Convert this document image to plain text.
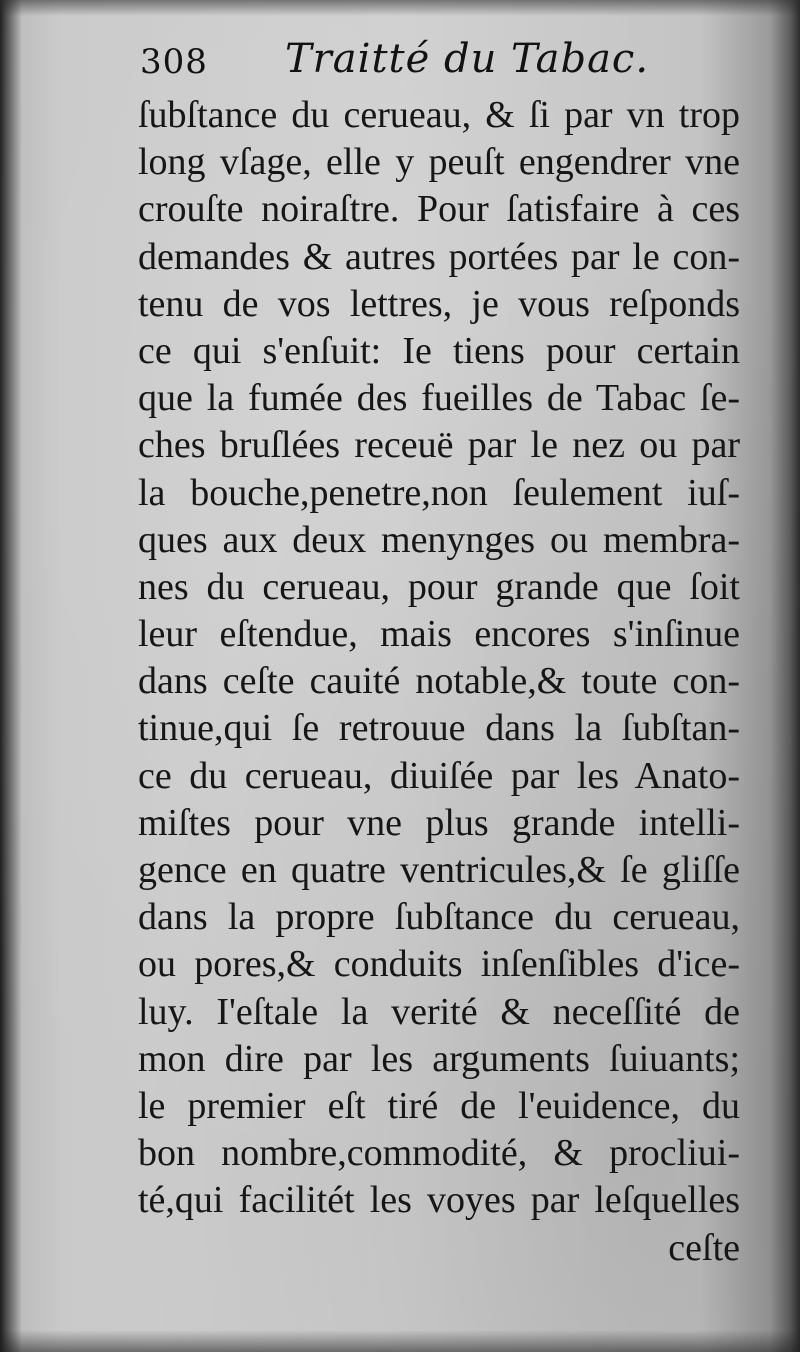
308 Traitté du Tabac.
ſubſtance du cerueau, & ſi par vn trop
long vſage, elle y peuſt engendrer vne
crouſte noiraſtre. Pour ſatisfaire à ces
demandes & autres portées par le con-
tenu de vos lettres, je vous reſponds
ce qui s'enſuit: Ie tiens pour certain
que la fumée des fueilles de Tabac ſe-
ches bruſlées receuë par le nez ou par
la bouche,penetre,non ſeulement iuſ-
ques aux deux menynges ou membra-
nes du cerueau, pour grande que ſoit
leur eſtendue, mais encores s'inſinue
dans ceſte cauité notable,& toute con-
tinue,qui ſe retrouue dans la ſubſtan-
ce du cerueau, diuiſée par les Anato-
miſtes pour vne plus grande intelli-
gence en quatre ventricules,& ſe gliſſe
dans la propre ſubſtance du cerueau,
ou pores,& conduits inſenſibles d'ice-
luy. I'eſtale la verité & neceſſité de
mon dire par les arguments ſuiuants;
le premier eſt tiré de l'euidence, du
bon nombre,commodité, & procliui-
té,qui facilitét les voyes par leſquelles
ceſte
